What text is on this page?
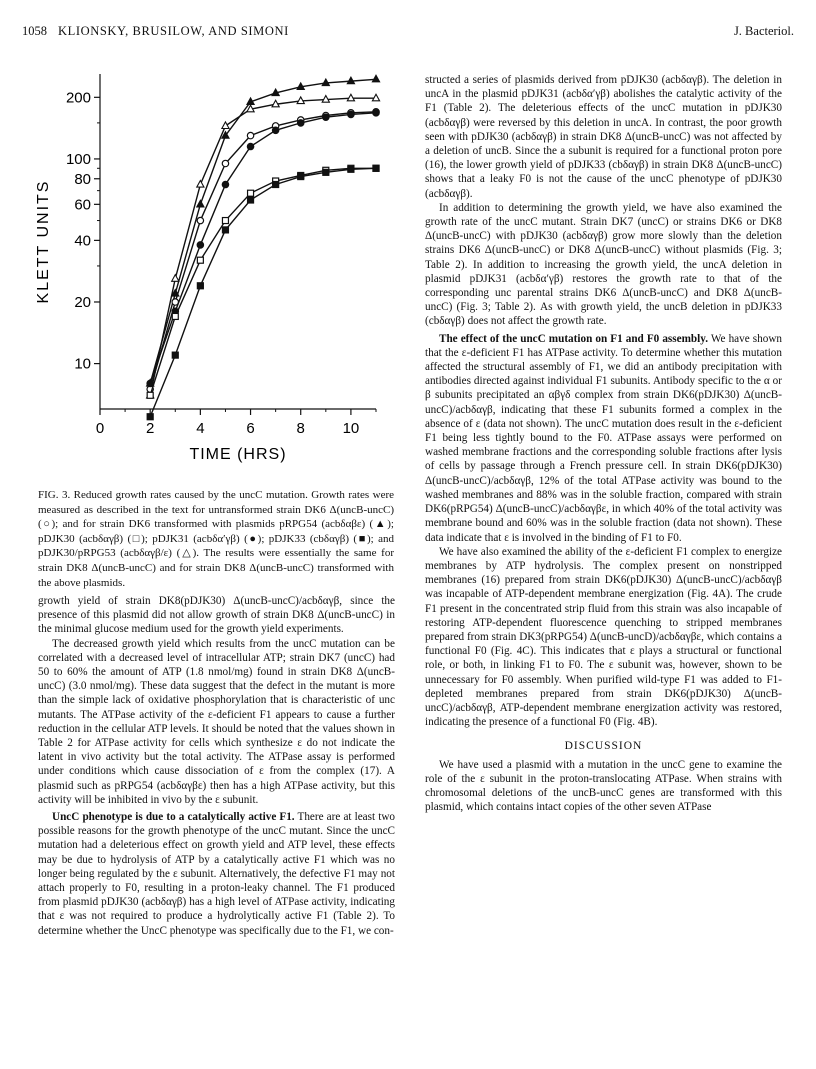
1058 KLIONSKY, BRUSILOW, AND SIMONI	J. Bacteriol.
0	2	4	6	8	10
10
20
40
60
80
100
200
TIME (HRS)
KLETT UNITS
FIG. 3. Reduced growth rates caused by the uncC mutation. Growth rates were measured as described in the text for untransformed strain DK6 Δ(uncB-uncC) (○); and for strain DK6 transformed with plasmids pRPG54 (acbδαβε) (▲); pDJK30 (acbδαγβ) (□); pDJK31 (acbδα′γβ) (●); pDJK33 (cbδαγβ) (■); and pDJK30/pRPG53 (acbδαγβ/ε) (△). The results were essentially the same for strain DK8 Δ(uncB-uncC) and for strain DK8 Δ(uncB-uncC) transformed with the above plasmids.

growth yield of strain DK8(pDJK30) Δ(uncB-uncC)/acbδαγβ, since the presence of this plasmid did not allow growth of strain DK8 Δ(uncB-uncC) in the minimal glucose medium used for the growth yield experiments.

The decreased growth yield which results from the uncC mutation can be correlated with a decreased level of intracellular ATP; strain DK7 (uncC) had 50 to 60% the amount of ATP (1.8 nmol/mg) found in strain DK8 Δ(uncB-uncC) (3.0 nmol/mg). These data suggest that the defect in the mutant is more than the simple lack of oxidative phosphorylation that is characteristic of unc mutants. The ATPase activity of the ε-deficient F1 appears to cause a further reduction in the cellular ATP levels. It should be noted that the values shown in Table 2 for ATPase activity for cells which synthesize ε do not indicate the latent in vivo activity but the total activity. The ATPase assay is performed under conditions which cause dissociation of ε from the complex (17). A plasmid such as pRPG54 (acbδαγβε) then has a high ATPase activity, but this activity will be inhibited in vivo by the ε subunit.

UncC phenotype is due to a catalytically active F1. There are at least two possible reasons for the growth phenotype of the uncC mutant. Since the uncC mutation had a deleterious effect on growth yield and ATP level, these effects may be due to hydrolysis of ATP by a catalytically active F1 which was no longer being regulated by the ε subunit. Alternatively, the defective F1 may not attach properly to F0, resulting in a proton-leaky channel. The F1 produced from plasmid pDJK30 (acbδαγβ) has a high level of ATPase activity, indicating that ε was not required to produce a hydrolytically active F1 (Table 2). To determine whether the UncC phenotype was specifically due to the F1, we con-

structed a series of plasmids derived from pDJK30 (acbδαγβ). The deletion in uncA in the plasmid pDJK31 (acbδα′γβ) abolishes the catalytic activity of the F1 (Table 2). The deleterious effects of the uncC mutation in pDJK30 (acbδαγβ) were reversed by this deletion in uncA. In contrast, the poor growth seen with pDJK30 (acbδαγβ) in strain DK8 Δ(uncB-uncC) was not affected by a deletion of uncB. Since the a subunit is required for a functional proton pore (16), the lower growth yield of pDJK33 (cbδαγβ) in strain DK8 Δ(uncB-uncC) shows that a leaky F0 is not the cause of the uncC phenotype of pDJK30 (acbδαγβ).

In addition to determining the growth yield, we have also examined the growth rate of the uncC mutant. Strain DK7 (uncC) or strains DK6 or DK8 Δ(uncB-uncC) with pDJK30 (acbδαγβ) grow more slowly than the deletion strains DK6 Δ(uncB-uncC) or DK8 Δ(uncB-uncC) without plasmids (Fig. 3; Table 2). In addition to increasing the growth yield, the uncA deletion in plasmid pDJK31 (acbδα′γβ) restores the growth rate to that of the corresponding unc parental strains DK6 Δ(uncB-uncC) and DK8 Δ(uncB-uncC) (Fig. 3; Table 2). As with growth yield, the uncB deletion in pDJK33 (cbδαγβ) does not affect the growth rate.

The effect of the uncC mutation on F1 and F0 assembly. We have shown that the ε-deficient F1 has ATPase activity. To determine whether this mutation affected the structural assembly of F1, we did an antibody precipitation with antibodies directed against individual F1 subunits. Antibody specific to the α or β subunits precipitated an αβγδ complex from strain DK6(pDJK30) Δ(uncB-uncC)/acbδαγβ, indicating that these F1 subunits formed a complex in the absence of ε (data not shown). The uncC mutation does result in the ε-deficient F1 being less tightly bound to the F0. ATPase assays were performed on washed membrane fractions and the corresponding soluble fractions after lysis of cells by passage through a French pressure cell. In strain DK6(pDJK30) Δ(uncB-uncC)/acbδαγβ, 12% of the total ATPase activity was bound to the washed membranes and 88% was in the soluble fraction, compared with strain DK6(pRPG54) Δ(uncB-uncC)/acbδαγβε, in which 40% of the total activity was membrane bound and 60% was in the soluble fraction (data not shown). These data indicate that ε is involved in the binding of F1 to F0.

We have also examined the ability of the ε-deficient F1 complex to energize membranes by ATP hydrolysis. The complex present on nonstripped membranes (16) prepared from strain DK6(pDJK30) Δ(uncB-uncC)/acbδαγβ was incapable of ATP-dependent membrane energization (Fig. 4A). The crude F1 present in the concentrated strip fluid from this strain was also incapable of restoring ATP-dependent fluorescence quenching to stripped membranes prepared from strain DK3(pRPG54) Δ(uncB-uncD)/acbδαγβε, which contains a functional F0 (Fig. 4C). This indicates that ε plays a structural or functional role, or both, in linking F1 to F0. The ε subunit was, however, shown to be unnecessary for F0 assembly. When purified wild-type F1 was added to F1-depleted membranes prepared from strain DK6(pDJK30) Δ(uncB-uncC)/acbδαγβ, ATP-dependent membrane energization activity was restored, indicating the presence of a functional F0 (Fig. 4B).

DISCUSSION

We have used a plasmid with a mutation in the uncC gene to examine the role of the ε subunit in the proton-translocating ATPase. When strains with chromosomal deletions of the uncB-uncC genes are transformed with this plasmid, which contains intact copies of the other seven ATPase
